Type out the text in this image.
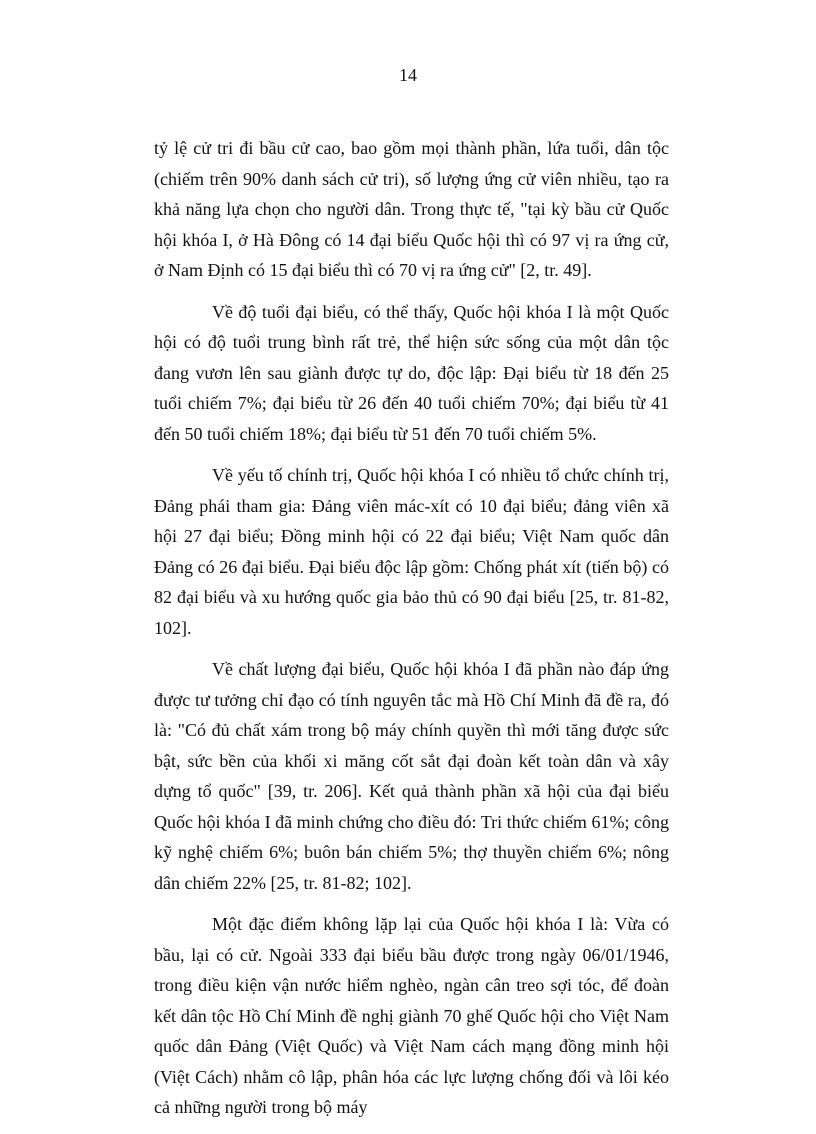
14

tỷ lệ cử tri đi bầu cử cao, bao gồm mọi thành phần, lứa tuổi, dân tộc (chiếm trên 90% danh sách cử tri), số lượng ứng cử viên nhiều, tạo ra khả năng lựa chọn cho người dân. Trong thực tế, "tại kỳ bầu cử Quốc hội khóa I, ở Hà Đông có 14 đại biểu Quốc hội thì có 97 vị ra ứng cử, ở Nam Định có 15 đại biểu thì có 70 vị ra ứng cử" [2, tr. 49].

Về độ tuổi đại biểu, có thể thấy, Quốc hội khóa I là một Quốc hội có độ tuổi trung bình rất trẻ, thể hiện sức sống của một dân tộc đang vươn lên sau giành được tự do, độc lập: Đại biểu từ 18 đến 25 tuổi chiếm 7%; đại biểu từ 26 đến 40 tuổi chiếm 70%; đại biểu từ 41 đến 50 tuổi chiếm 18%; đại biểu từ 51 đến 70 tuổi chiếm 5%.

Về yếu tố chính trị, Quốc hội khóa I có nhiều tổ chức chính trị, Đảng phái tham gia: Đảng viên mác-xít có 10 đại biểu; đảng viên xã hội 27 đại biểu; Đồng minh hội có 22 đại biểu; Việt Nam quốc dân Đảng có 26 đại biểu. Đại biểu độc lập gồm: Chống phát xít (tiến bộ) có 82 đại biểu và xu hướng quốc gia bảo thủ có 90 đại biểu [25, tr. 81-82, 102].

Về chất lượng đại biểu, Quốc hội khóa I đã phần nào đáp ứng được tư tưởng chỉ đạo có tính nguyên tắc mà Hồ Chí Minh đã đề ra, đó là: "Có đủ chất xám trong bộ máy chính quyền thì mới tăng được sức bật, sức bền của khối xi măng cốt sắt đại đoàn kết toàn dân và xây dựng tổ quốc" [39, tr. 206]. Kết quả thành phần xã hội của đại biểu Quốc hội khóa I đã minh chứng cho điều đó: Tri thức chiếm 61%; công kỹ nghệ chiếm 6%; buôn bán chiếm 5%; thợ thuyền chiếm 6%; nông dân chiếm 22% [25, tr. 81-82; 102].

Một đặc điểm không lặp lại của Quốc hội khóa I là: Vừa có bầu, lại có cử. Ngoài 333 đại biểu bầu được trong ngày 06/01/1946, trong điều kiện vận nước hiểm nghèo, ngàn cân treo sợi tóc, để đoàn kết dân tộc Hồ Chí Minh đề nghị giành 70 ghế Quốc hội cho Việt Nam quốc dân Đảng (Việt Quốc) và Việt Nam cách mạng đồng minh hội (Việt Cách) nhằm cô lập, phân hóa các lực lượng chống đối và lôi kéo cả những người trong bộ máy
